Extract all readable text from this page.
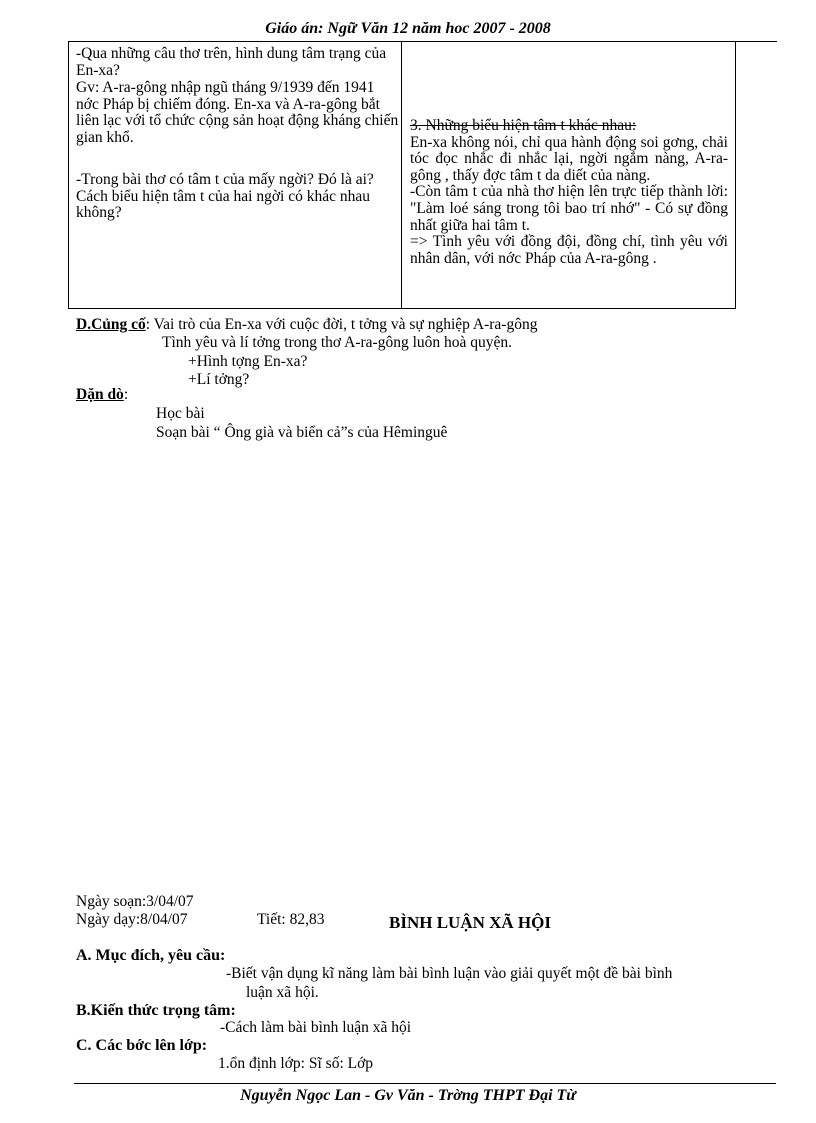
Giáo án: Ngữ Văn 12 năm hoc 2007 - 2008

-Qua những câu thơ trên, hình dung tâm trạng của En-xa?

Gv: A-ra-gông nhập ngũ tháng 9/1939 đến 1941 nớc Pháp bị chiếm đóng. En-xa và A-ra-gông bắt liên lạc với tổ chức cộng sản hoạt động kháng chiến gian khổ.

-Trong bài thơ có tâm t của mấy ngời? Đó là ai? Cách biểu hiện tâm t của hai ngời có khác nhau không?

3. Những biểu hiện tâm t khác nhau:

En-xa không nói, chỉ qua hành động soi gơng, chải tóc đọc nhắc đi nhắc lại, ngời ngắm nàng, A-ra-gông , thấy đợc tâm t da diết của nàng.

-Còn tâm t của nhà thơ hiện lên trực tiếp thành lời: "Làm loé sáng trong tôi bao trí nhớ" - Có sự đồng nhất giữa hai tâm t.

=> Tình yêu với đồng đội, đồng chí, tình yêu với nhân dân, với nớc Pháp của A-ra-gông .

D.Củng cố: Vai trò của En-xa với cuộc đời, t tởng và sự nghiệp A-ra-gông
Tình yêu và lí tởng trong thơ A-ra-gông luôn hoà quyện.
+Hình tợng En-xa?
+Lí tởng?
Dặn dò:
Học bài
Soạn bài “ Ông già và biển cả”s của Hêminguê
Ngày soạn:3/04/07
Ngày dạy:8/04/07	Tiết: 82,83	BÌNH LUẬN XÃ HỘI
A. Mục đích, yêu cầu:
-Biết vận dụng kĩ năng làm bài bình luận vào giải quyết một đề bài bình
luận xã hội.
B.Kiến thức trọng tâm:
-Cách làm bài bình luận xã hội
C. Các bớc lên lớp:
1.ổn định lớp: Sĩ số: Lớp
Nguyễn Ngọc Lan - Gv Văn - Trờng THPT Đại Từ
